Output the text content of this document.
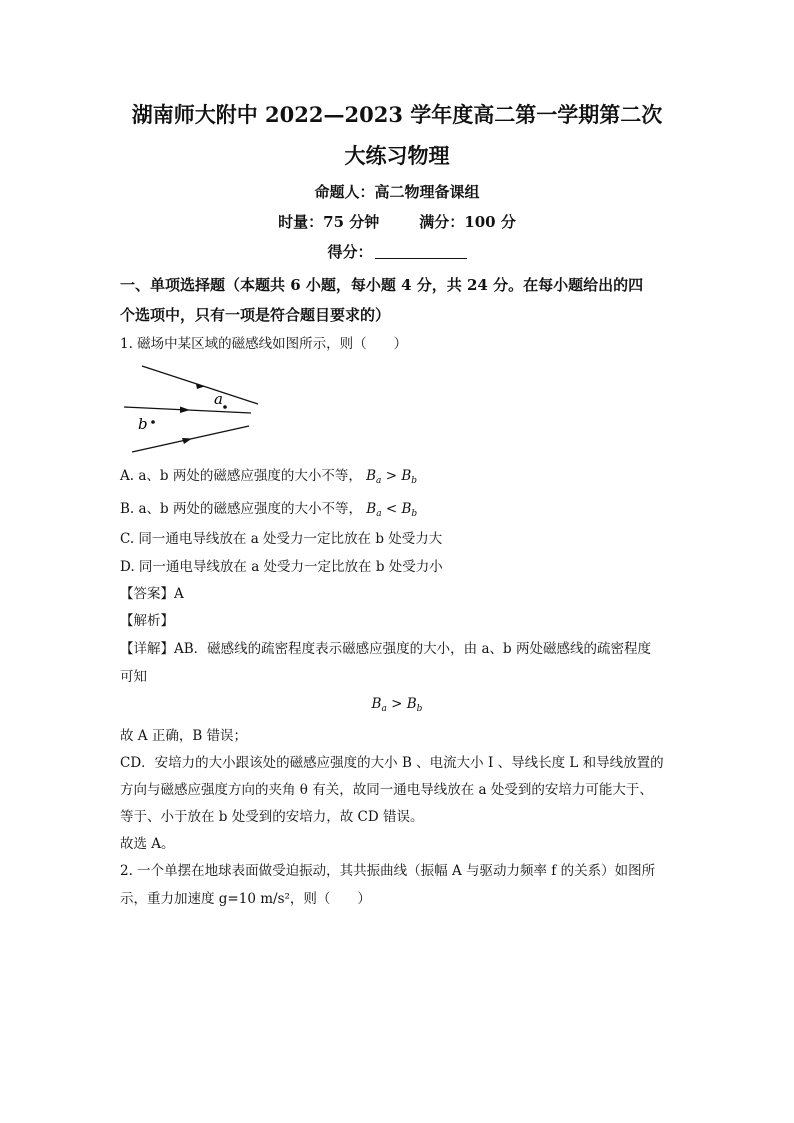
湖南师大附中 2022—2023 学年度高二第一学期第二次
大练习物理
命题人：高二物理备课组
时量：75 分钟	满分：100 分
得分：
一、单项选择题（本题共 6 小题，每小题 4 分，共 24 分。在每小题给出的四
个选项中，只有一项是符合题目要求的）
1. 磁场中某区域的磁感线如图所示，则（　　）
a
b
A. a、b 两处的磁感应强度的大小不等， $B_a > B_b$
B. a、b 两处的磁感应强度的大小不等， $B_a < B_b$
C. 同一通电导线放在 a 处受力一定比放在 b 处受力大
D. 同一通电导线放在 a 处受力一定比放在 b 处受力小
【答案】A
【解析】
【详解】AB．磁感线的疏密程度表示磁感应强度的大小，由 a、b 两处磁感线的疏密程度
可知
$B_a > B_b$
故 A 正确，B 错误；
CD．安培力的大小跟该处的磁感应强度的大小 B 、电流大小 I 、导线长度 L 和导线放置的
方向与磁感应强度方向的夹角 θ 有关，故同一通电导线放在 a 处受到的安培力可能大于、
等于、小于放在 b 处受到的安培力，故 CD 错误。
故选 A。
2. 一个单摆在地球表面做受迫振动，其共振曲线（振幅 A 与驱动力频率 f 的关系）如图所
示，重力加速度 g=10 m/s²，则（　　）
